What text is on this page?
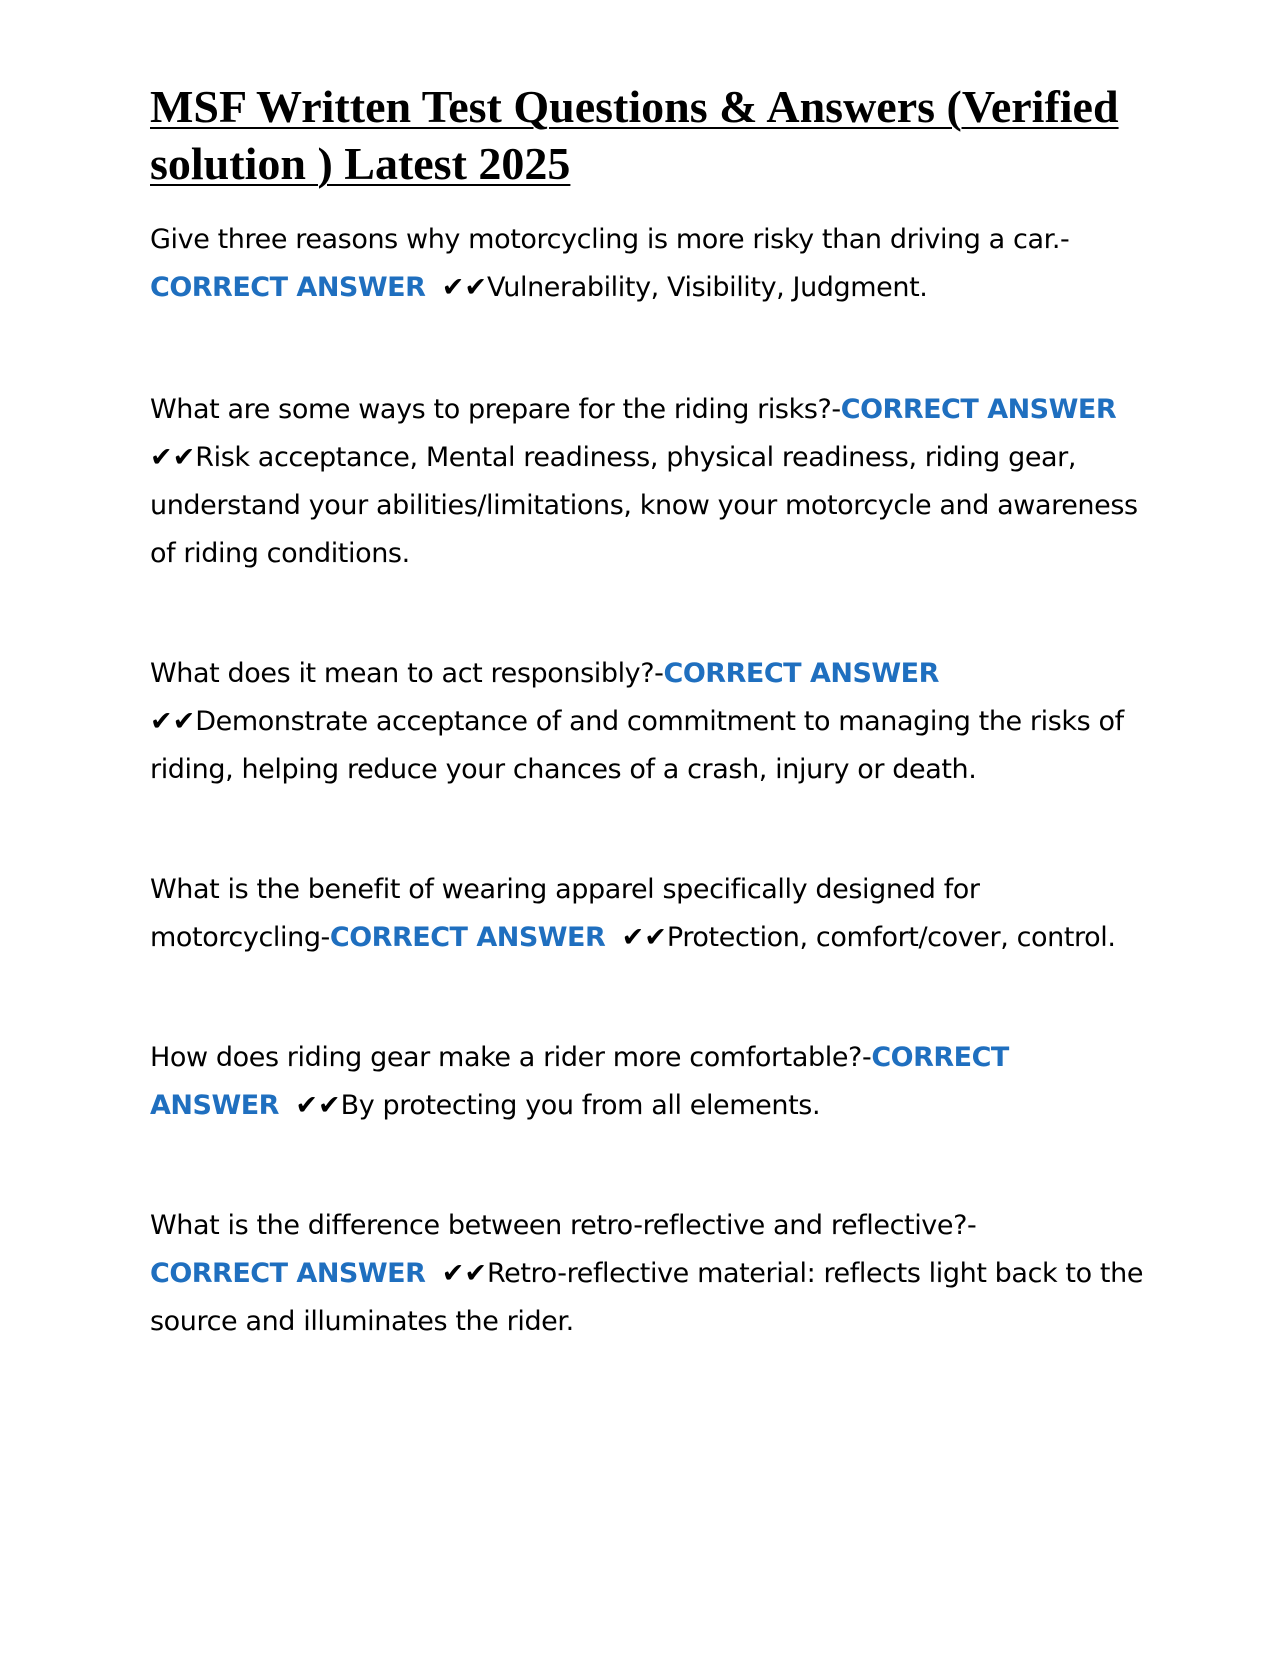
MSF Written Test Questions & Answers (Verified solution ) Latest 2025

Give three reasons why motorcycling is more risky than driving a car.-
CORRECT ANSWER ✔✔Vulnerability, Visibility, Judgment.

What are some ways to prepare for the riding risks?-CORRECT ANSWER
✔✔Risk acceptance, Mental readiness, physical readiness, riding gear, understand your abilities/limitations, know your motorcycle and awareness of riding conditions.

What does it mean to act responsibly?-CORRECT ANSWER
✔✔Demonstrate acceptance of and commitment to managing the risks of riding, helping reduce your chances of a crash, injury or death.

What is the benefit of wearing apparel specifically designed for motorcycling-CORRECT ANSWER ✔✔Protection, comfort/cover, control.

How does riding gear make a rider more comfortable?-CORRECT ANSWER ✔✔By protecting you from all elements.

What is the difference between retro-reflective and reflective?-
CORRECT ANSWER ✔✔Retro-reflective material: reflects light back to the source and illuminates the rider.
